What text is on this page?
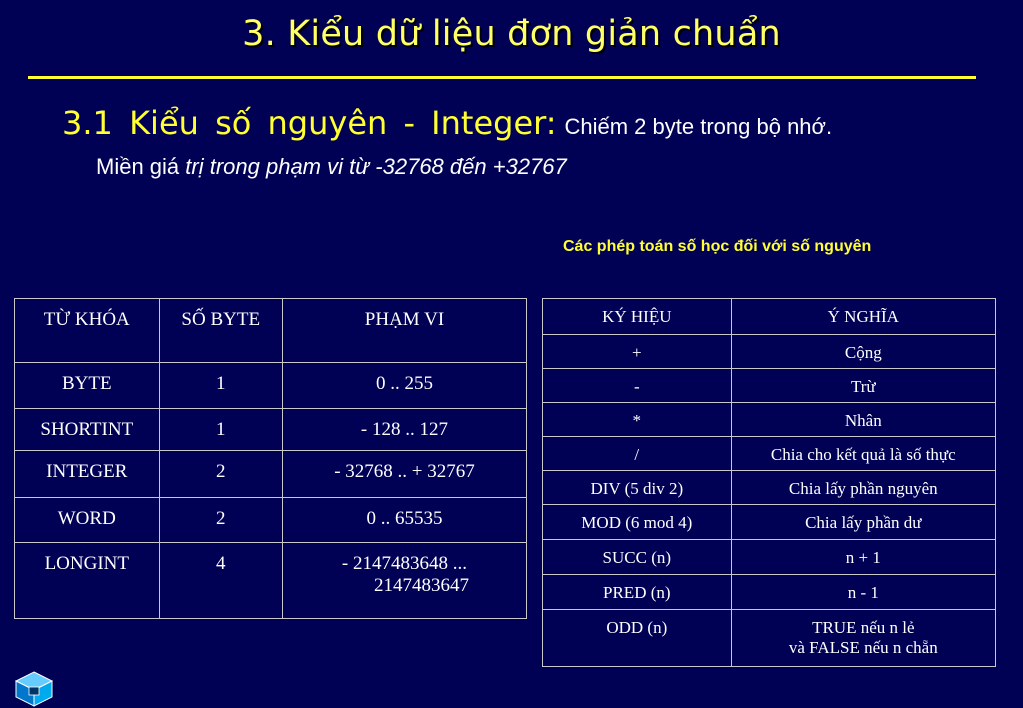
3. Kiểu dữ liệu đơn giản chuẩn
3.1 Kiểu số nguyên - Integer: Chiếm 2 byte trong bộ nhớ.
Miền giá trị trong phạm vi từ -32768 đến +32767
Các phép toán số học đối với số nguyên
TỪ KHÓA	SỐ BYTE	PHẠM VI
BYTE	1	0 .. 255
SHORTINT	1	- 128 .. 127
INTEGER	2	- 32768 .. + 32767
WORD	2	0 .. 65535
LONGINT	4	- 2147483648 ...
2147483647
KÝ HIỆU	Ý NGHĨA
+	Cộng
-	Trừ
*	Nhân
/	Chia cho kết quả là số thực
DIV (5 div 2)	Chia lấy phần nguyên
MOD (6 mod 4)	Chia lấy phần dư
SUCC (n)	n + 1
PRED (n)	n - 1
ODD (n)	TRUE nếu n lẻ
và FALSE nếu n chẵn
